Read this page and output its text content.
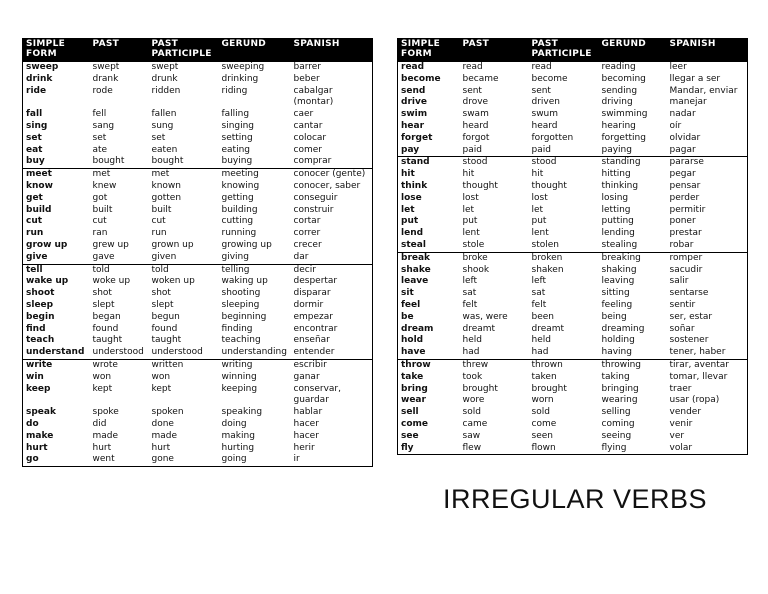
SIMPLE FORM	PAST	PAST PARTICIPLE	GERUND	SPANISH
sweep	swept	swept	sweeping	barrer
drink	drank	drunk	drinking	beber
ride	rode	ridden	riding	cabalgar (montar)
fall	fell	fallen	falling	caer
sing	sang	sung	singing	cantar
set	set	set	setting	colocar
eat	ate	eaten	eating	comer
buy	bought	bought	buying	comprar
meet	met	met	meeting	conocer (gente)
know	knew	known	knowing	conocer, saber
get	got	gotten	getting	conseguir
build	built	built	building	construir
cut	cut	cut	cutting	cortar
run	ran	run	running	correr
grow up	grew up	grown up	growing up	crecer
give	gave	given	giving	dar
tell	told	told	telling	decir
wake up	woke up	woken up	waking up	despertar
shoot	shot	shot	shooting	disparar
sleep	slept	slept	sleeping	dormir
begin	began	begun	beginning	empezar
find	found	found	finding	encontrar
teach	taught	taught	teaching	enseñar
understand	understood	understood	understanding	entender
write	wrote	written	writing	escribir
win	won	won	winning	ganar
keep	kept	kept	keeping	conservar, guardar
speak	spoke	spoken	speaking	hablar
do	did	done	doing	hacer
make	made	made	making	hacer
hurt	hurt	hurt	hurting	herir
go	went	gone	going	ir
SIMPLE FORM	PAST	PAST PARTICIPLE	GERUND	SPANISH
read	read	read	reading	leer
become	became	become	becoming	llegar a ser
send	sent	sent	sending	Mandar, enviar
drive	drove	driven	driving	manejar
swim	swam	swum	swimming	nadar
hear	heard	heard	hearing	oír
forget	forgot	forgotten	forgetting	olvidar
pay	paid	paid	paying	pagar
stand	stood	stood	standing	pararse
hit	hit	hit	hitting	pegar
think	thought	thought	thinking	pensar
lose	lost	lost	losing	perder
let	let	let	letting	permitir
put	put	put	putting	poner
lend	lent	lent	lending	prestar
steal	stole	stolen	stealing	robar
break	broke	broken	breaking	romper
shake	shook	shaken	shaking	sacudir
leave	left	left	leaving	salir
sit	sat	sat	sitting	sentarse
feel	felt	felt	feeling	sentir
be	was, were	been	being	ser, estar
dream	dreamt	dreamt	dreaming	soñar
hold	held	held	holding	sostener
have	had	had	having	tener, haber
throw	threw	thrown	throwing	tirar, aventar
take	took	taken	taking	tomar, llevar
bring	brought	brought	bringing	traer
wear	wore	worn	wearing	usar (ropa)
sell	sold	sold	selling	vender
come	came	come	coming	venir
see	saw	seen	seeing	ver
fly	flew	flown	flying	volar
IRREGULAR VERBS
